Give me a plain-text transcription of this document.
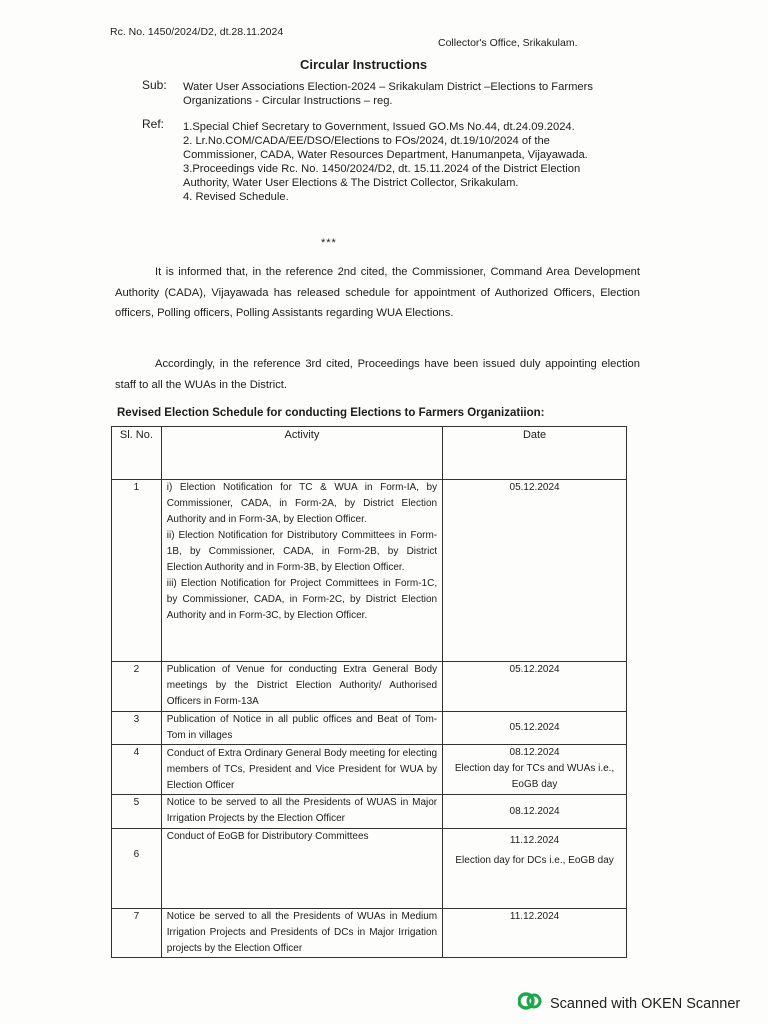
Rc. No. 1450/2024/D2, dt.28.11.2024
Collector's Office, Srikakulam.
Circular Instructions
Sub: Water User Associations Election-2024 – Srikakulam District –Elections to Farmers Organizations - Circular Instructions – reg.
Ref: 1.Special Chief Secretary to Government, Issued GO.Ms No.44, dt.24.09.2024.
2. Lr.No.COM/CADA/EE/DSO/Elections to FOs/2024, dt.19/10/2024 of the Commissioner, CADA, Water Resources Department, Hanumanpeta, Vijayawada.
3.Proceedings vide Rc. No. 1450/2024/D2, dt. 15.11.2024 of the District Election Authority, Water User Elections & The District Collector, Srikakulam.
4. Revised Schedule.
***
It is informed that, in the reference 2nd cited, the Commissioner, Command Area Development Authority (CADA), Vijayawada has released schedule for appointment of Authorized Officers, Election officers, Polling officers, Polling Assistants regarding WUA Elections.
Accordingly, in the reference 3rd cited, Proceedings have been issued duly appointing election staff to all the WUAs in the District.
Revised Election Schedule for conducting Elections to Farmers Organizatiion:
Sl. No.	Activity	Date
1	i) Election Notification for TC & WUA in Form-IA, by Commissioner, CADA, in Form-2A, by District Election Authority and in Form-3A, by Election Officer.
ii) Election Notification for Distributory Committees in Form-1B, by Commissioner, CADA, in Form-2B, by District Election Authority and in Form-3B, by Election Officer.
iii) Election Notification for Project Committees in Form-1C, by Commissioner, CADA, in Form-2C, by District Election Authority and in Form-3C, by Election Officer.	05.12.2024

2	Publication of Venue for conducting Extra General Body meetings by the District Election Authority/ Authorised Officers in Form-13A	05.12.2024

3	Publication of Notice in all public offices and Beat of Tom-Tom in villages	05.12.2024

4	Conduct of Extra Ordinary General Body meeting for electing members of TCs, President and Vice President for WUA by Election Officer	08.12.2024
Election day for TCs and WUAs i.e., EoGB day

5	Notice to be served to all the Presidents of WUAS in Major Irrigation Projects by the Election Officer	08.12.2024

6	Conduct of EoGB for Distributory Committees	11.12.2024
Election day for DCs i.e., EoGB day

7	Notice be served to all the Presidents of WUAs in Medium Irrigation Projects and Presidents of DCs in Major Irrigation projects by the Election Officer	11.12.2024
Scanned with OKEN Scanner
